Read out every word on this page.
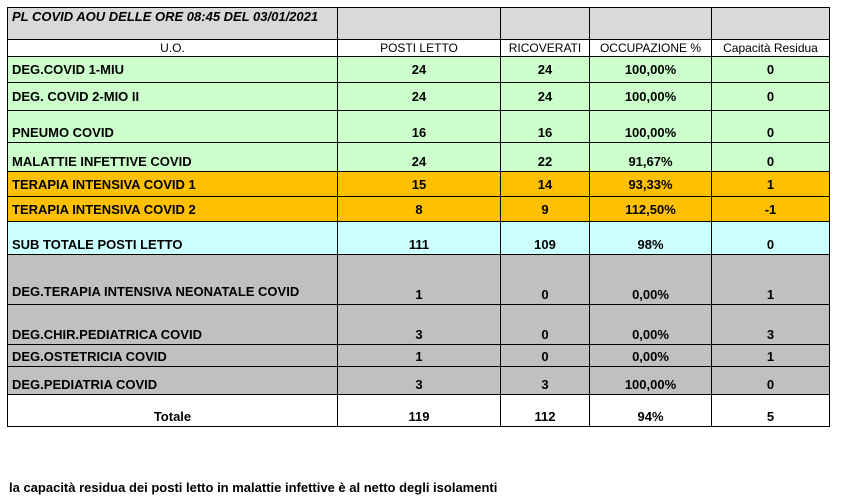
PL COVID AOU DELLE ORE 08:45 DEL 03/01/2021				
U.O.	POSTI LETTO	RICOVERATI	OCCUPAZIONE %	Capacità Residua
DEG.COVID 1-MIU	24	24	100,00%	0
DEG. COVID 2-MIO II	24	24	100,00%	0
PNEUMO COVID	16	16	100,00%	0
MALATTIE INFETTIVE COVID	24	22	91,67%	0
TERAPIA INTENSIVA COVID 1	15	14	93,33%	1
TERAPIA INTENSIVA COVID 2	8	9	112,50%	-1
SUB TOTALE POSTI LETTO	111	109	98%	0
DEG.TERAPIA INTENSIVA NEONATALE COVID	1	0	0,00%	1
DEG.CHIR.PEDIATRICA COVID	3	0	0,00%	3
DEG.OSTETRICIA COVID	1	0	0,00%	1
DEG.PEDIATRIA COVID	3	3	100,00%	0
Totale	119	112	94%	5
la capacità residua dei posti letto in malattie infettive è al netto degli isolamenti
